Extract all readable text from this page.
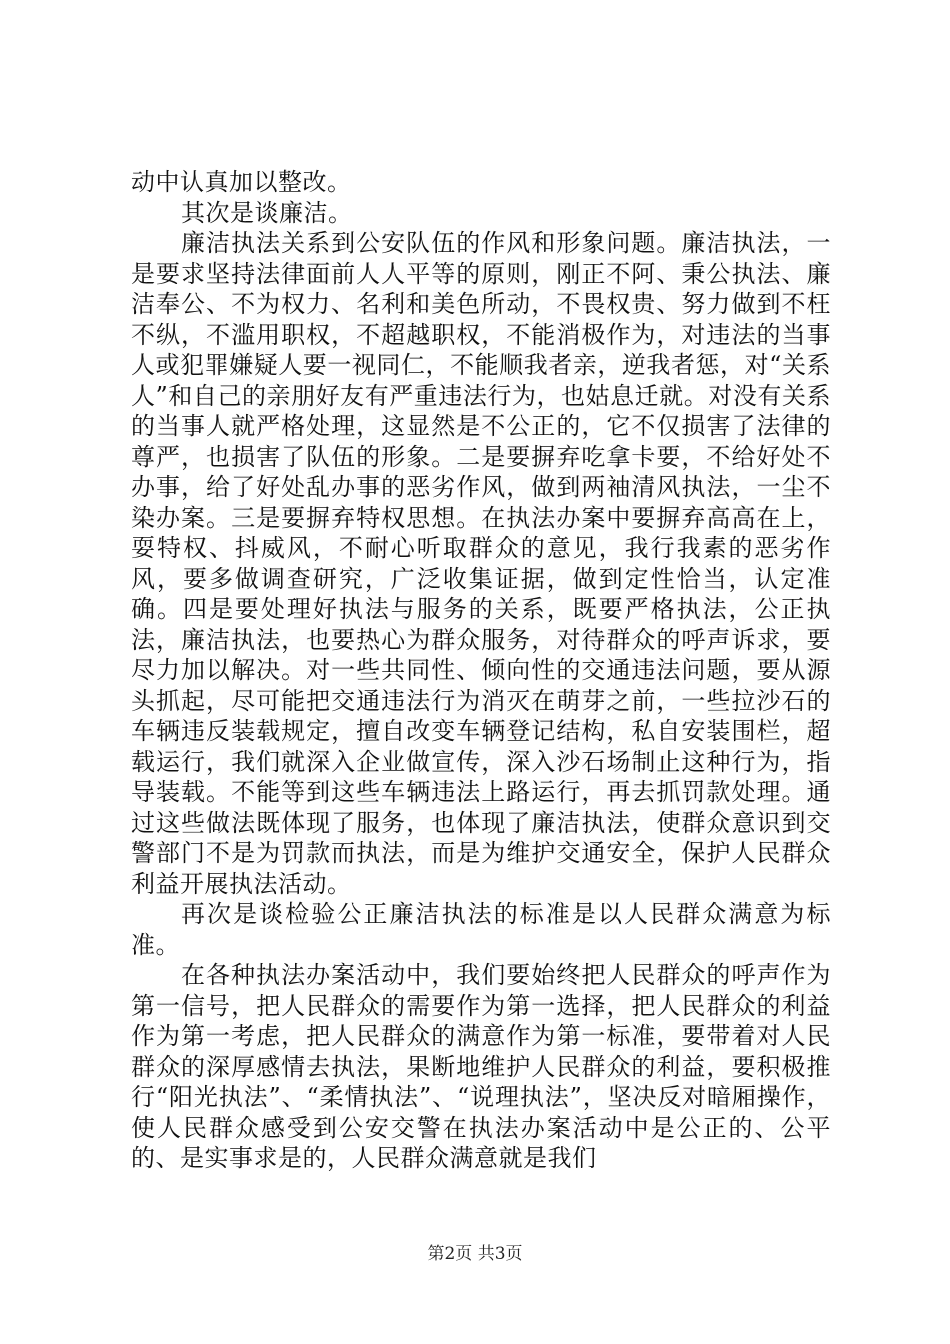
动中认真加以整改。

其次是谈廉洁。

廉洁执法关系到公安队伍的作风和形象问题。廉洁执法，一是要求坚持法律面前人人平等的原则，刚正不阿、秉公执法、廉洁奉公、不为权力、名利和美色所动，不畏权贵、努力做到不枉不纵，不滥用职权，不超越职权，不能消极作为，对违法的当事人或犯罪嫌疑人要一视同仁，不能顺我者亲，逆我者惩，对“关系人”和自己的亲朋好友有严重违法行为，也姑息迁就。对没有关系的当事人就严格处理，这显然是不公正的，它不仅损害了法律的尊严，也损害了队伍的形象。二是要摒弃吃拿卡要，不给好处不办事，给了好处乱办事的恶劣作风，做到两袖清风执法，一尘不染办案。三是要摒弃特权思想。在执法办案中要摒弃高高在上，耍特权、抖威风，不耐心听取群众的意见，我行我素的恶劣作风，要多做调查研究，广泛收集证据，做到定性恰当，认定准确。四是要处理好执法与服务的关系，既要严格执法，公正执法，廉洁执法，也要热心为群众服务，对待群众的呼声诉求，要尽力加以解决。对一些共同性、倾向性的交通违法问题，要从源头抓起，尽可能把交通违法行为消灭在萌芽之前，一些拉沙石的车辆违反装载规定，擅自改变车辆登记结构，私自安装围栏，超载运行，我们就深入企业做宣传，深入沙石场制止这种行为，指导装载。不能等到这些车辆违法上路运行，再去抓罚款处理。通过这些做法既体现了服务，也体现了廉洁执法，使群众意识到交警部门不是为罚款而执法，而是为维护交通安全，保护人民群众利益开展执法活动。

再次是谈检验公正廉洁执法的标准是以人民群众满意为标准。

在各种执法办案活动中，我们要始终把人民群众的呼声作为第一信号，把人民群众的需要作为第一选择，把人民群众的利益作为第一考虑，把人民群众的满意作为第一标准，要带着对人民群众的深厚感情去执法，果断地维护人民群众的利益，要积极推行“阳光执法”、“柔情执法”、“说理执法”，坚决反对暗厢操作，使人民群众感受到公安交警在执法办案活动中是公正的、公平的、是实事求是的，人民群众满意就是我们

第2页 共3页
